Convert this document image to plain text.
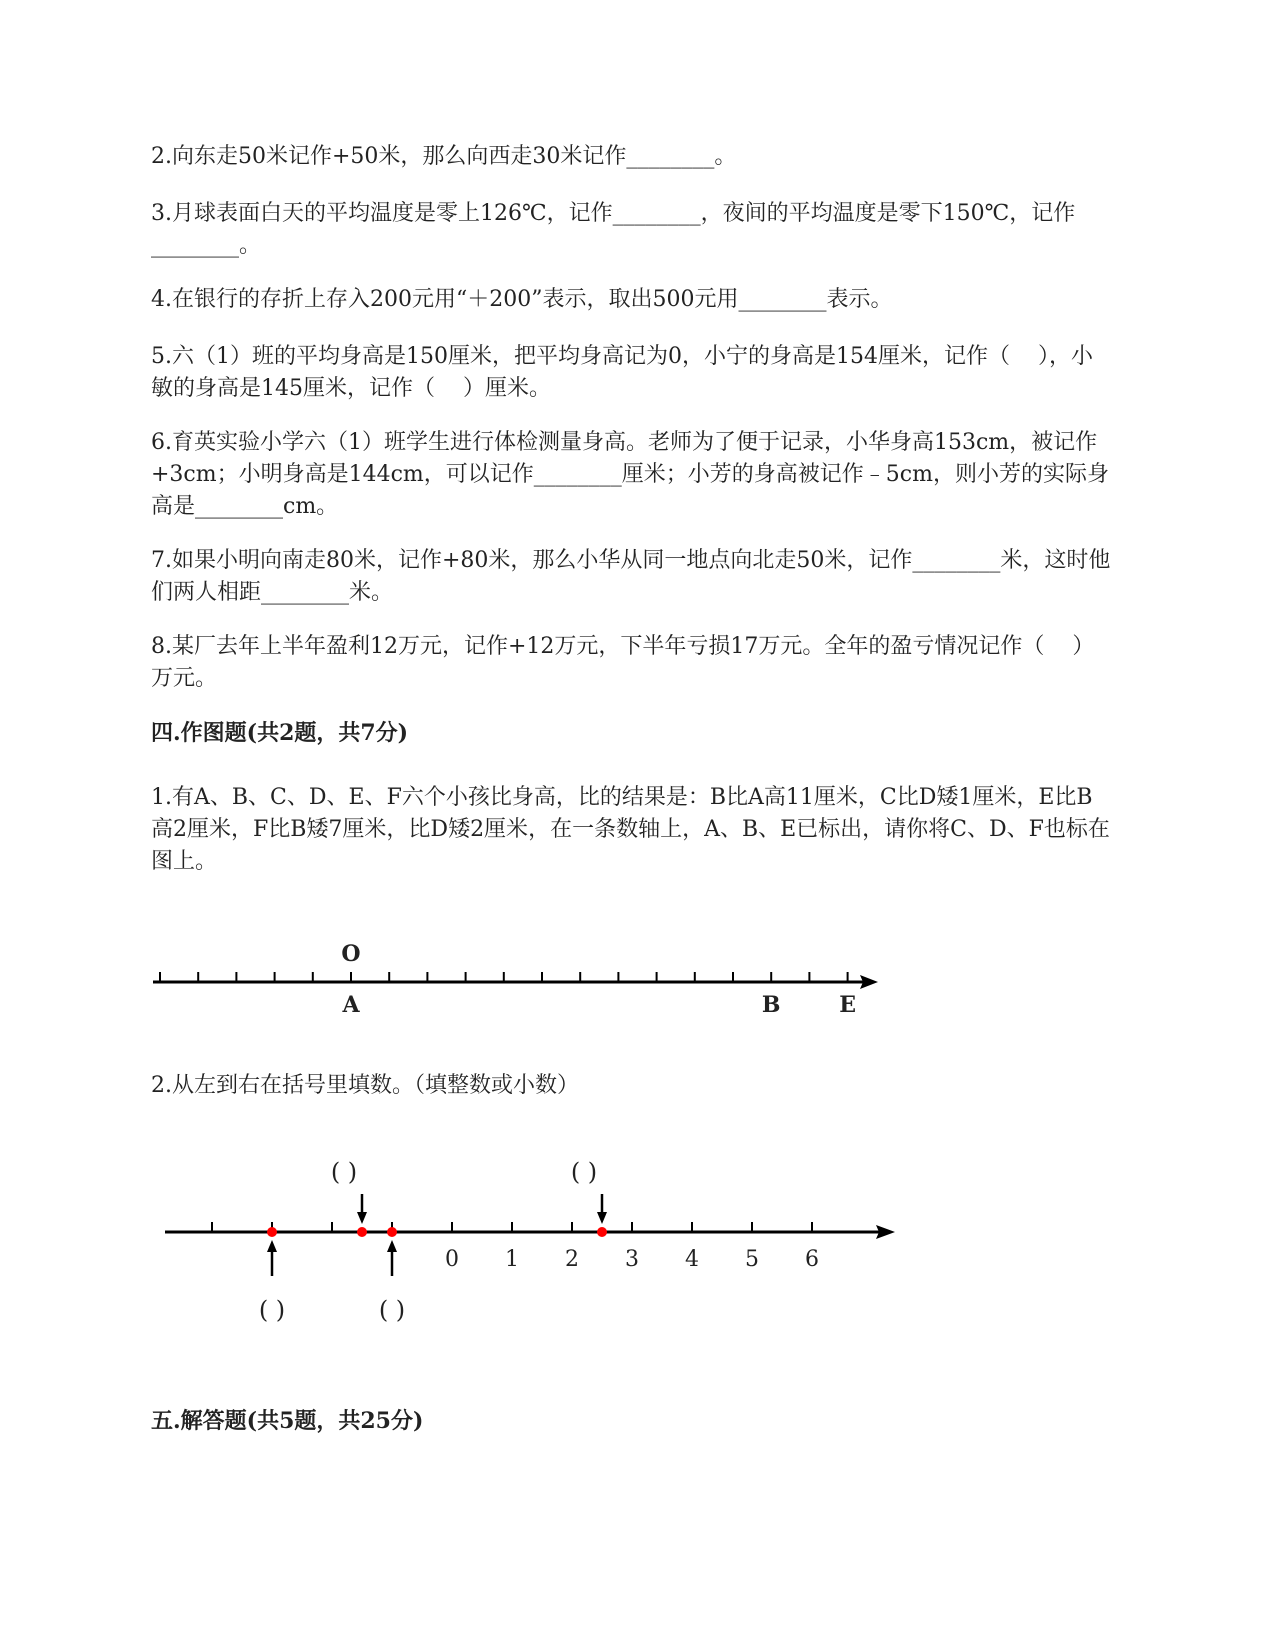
2.向东走50米记作+50米，那么向西走30米记作________。
3.月球表面白天的平均温度是零上126℃，记作________，夜间的平均温度是零下150℃，记作________。
4.在银行的存折上存入200元用“＋200”表示，取出500元用________表示。
5.六（1）班的平均身高是150厘米，把平均身高记为0，小宁的身高是154厘米，记作（    ），小敏的身高是145厘米，记作（    ）厘米。
6.育英实验小学六（1）班学生进行体检测量身高。老师为了便于记录，小华身高153cm，被记作+3cm；小明身高是144cm，可以记作________厘米；小芳的身高被记作﹣5cm，则小芳的实际身高是________cm。
7.如果小明向南走80米，记作+80米，那么小华从同一地点向北走50米，记作________米，这时他们两人相距________米。
8.某厂去年上半年盈利12万元，记作+12万元，下半年亏损17万元。全年的盈亏情况记作（    ）万元。
四.作图题(共2题，共7分)
1.有A、B、C、D、E、F六个小孩比身高，比的结果是：B比A高11厘米，C比D矮1厘米，E比B高2厘米，F比B矮7厘米，比D矮2厘米，在一条数轴上，A、B、E已标出，请你将C、D、F也标在图上。
O
A	B	E
2.从左到右在括号里填数。（填整数或小数）
0 1 2 3 4 5 6
( )	( )
( )	( )
五.解答题(共5题，共25分)
